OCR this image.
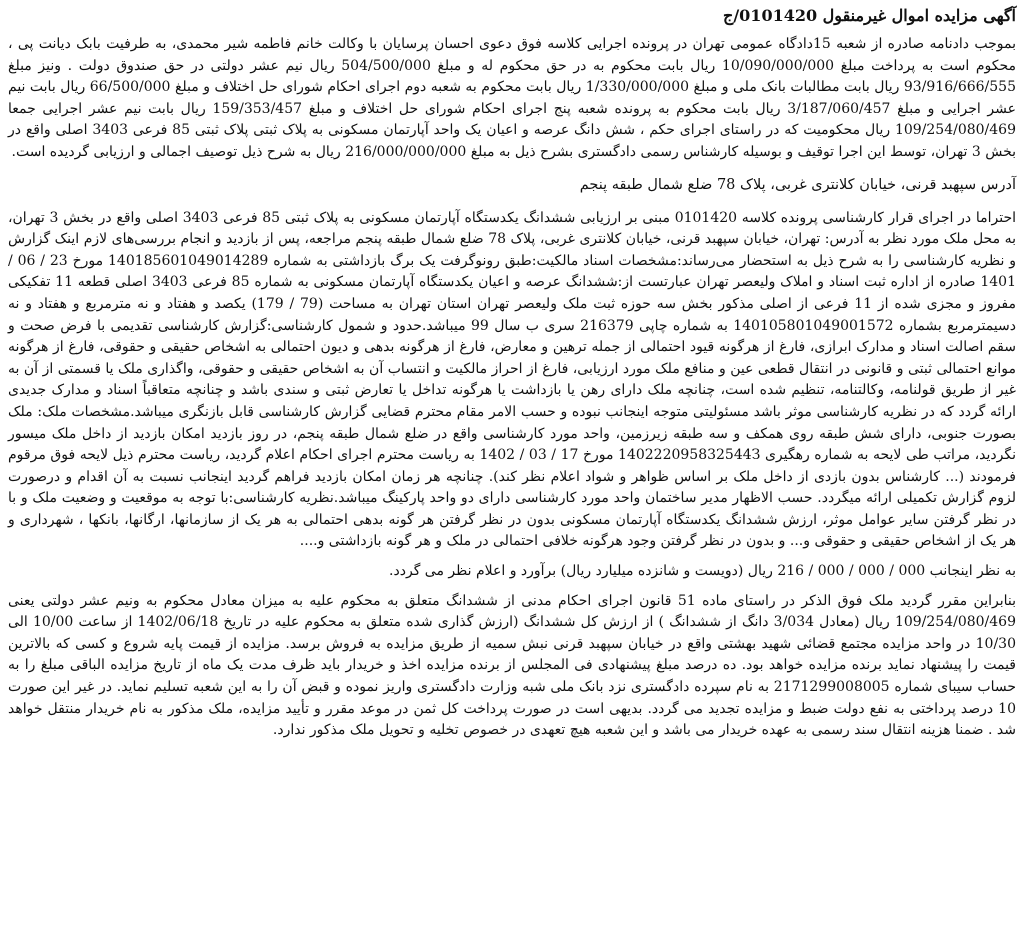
آگهی مزایده اموال غیرمنقول 0101420/ج

بموجب دادنامه صادره از شعبه 15دادگاه عمومی تهران در پرونده اجرایی کلاسه فوق دعوی احسان پرسایان با وکالت خانم فاطمه شیر محمدی، به طرفیت بابک دیانت پی ، محکوم است به پرداخت مبلغ 10/090/000/000 ریال بابت محکوم به در حق محکوم له و مبلغ 504/500/000 ریال نیم عشر دولتی در حق صندوق دولت . ونیز مبلغ 93/916/666/555 ریال بابت مطالبات بانک ملی و مبلغ 1/330/000/000 ریال بابت محکوم به شعبه دوم اجرای احکام شورای حل اختلاف و مبلغ 66/500/000 ریال بابت نیم عشر اجرایی و مبلغ 3/187/060/457 ریال بابت محکوم به پرونده شعبه پنج اجرای احکام شورای حل اختلاف و مبلغ 159/353/457 ریال بابت نیم عشر اجرایی جمعا 109/254/080/469 ریال محکومیت که در راستای اجرای حکم ، شش دانگ عرصه و اعیان یک واحد آپارتمان مسکونی به پلاک ثبتی پلاک ثبتی 85 فرعی 3403 اصلی واقع در بخش 3 تهران، توسط این اجرا توقیف و بوسیله کارشناس رسمی دادگستری بشرح ذیل به مبلغ 216/000/000/000 ریال به شرح ذیل توصیف اجمالی و ارزیابی گردیده است.

آدرس سپهبد قرنی، خیابان کلانتری غربی، پلاک 78 ضلع شمال طبقه پنجم

احتراما در اجرای قرار کارشناسی پرونده کلاسه 0101420 مبنی بر ارزیابی ششدانگ یکدستگاه آپارتمان مسکونی به پلاک ثبتی 85 فرعی 3403 اصلی واقع در بخش 3 تهران، به محل ملک مورد نظر به آدرس: تهران، خیابان سپهبد قرنی، خیابان کلانتری غربی، پلاک 78 ضلع شمال طبقه پنجم مراجعه، پس از بازدید و انجام بررسی‌های لازم اینک گزارش و نظریه کارشناسی را به شرح ذیل به استحضار می‌رساند:مشخصات اسناد مالکیت:طبق رونوگرفت یک برگ بازداشتی به شماره 140185601049014289 مورخ 23 / 06 / 1401 صادره از اداره ثبت اسناد و املاک ولیعصر تهران عبارتست از:ششدانگ عرصه و اعیان یکدستگاه آپارتمان مسکونی به شماره 85 فرعی 3403 اصلی قطعه 11 تفکیکی مفروز و مجزی شده از 11 فرعی از اصلی مذکور بخش سه حوزه ثبت ملک ولیعصر تهران استان تهران به مساحت (79 / 179) یکصد و هفتاد و نه مترمربع و هفتاد و نه دسیمترمربع بشماره 140105801049001572 به شماره چاپی 216379 سری ب سال 99 میباشد.حدود و شمول کارشناسی:گزارش کارشناسی تقدیمی با فرض صحت و سقم اصالت اسناد و مدارک ابرازی، فارغ از هرگونه قیود احتمالی از جمله ترهین و معارض، فارغ از هرگونه بدهی و دیون احتمالی به اشخاص حقیقی و حقوقی، فارغ از هرگونه موانع احتمالی ثبتی و قانونی در انتقال قطعی عین و منافع ملک مورد ارزیابی، فارغ از احراز مالکیت و انتساب آن به اشخاص حقیقی و حقوقی، واگذاری ملک یا قسمتی از آن به غیر از طریق قولنامه، وکالتنامه، تنظیم شده است، چنانچه ملک دارای رهن یا بازداشت یا هرگونه تداخل یا تعارض ثبتی و سندی باشد و چنانچه متعاقباً اسناد و مدارک جدیدی ارائه گردد که در نظریه کارشناسی موثر باشد مسئولیتی متوجه اینجانب نبوده و حسب الامر مقام محترم قضایی گزارش کارشناسی قابل بازنگری میباشد.مشخصات ملک: ملک بصورت جنوبی، دارای شش طبقه روی همکف و سه طبقه زیرزمین، واحد مورد کارشناسی واقع در ضلع شمال طبقه پنجم، در روز بازدید امکان بازدید از داخل ملک میسور نگردید، مراتب طی لایحه به شماره رهگیری 140222095832544З مورخ 17 / 03 / 1402 به ریاست محترم اجرای احکام اعلام گردید، ریاست محترم ذیل لایحه فوق مرقوم فرمودند (... کارشناس بدون بازدی از داخل ملک بر اساس ظواهر و شواد اعلام نظر کند). چنانچه هر زمان امکان بازدید فراهم گردید اینجانب نسبت به آن اقدام و درصورت لزوم گزارش تکمیلی ارائه میگردد. حسب الاظهار مدیر ساختمان واحد مورد کارشناسی دارای دو واحد پارکینگ میباشد.نظریه کارشناسی:با توجه به موقعیت و وضعیت ملک و با در نظر گرفتن سایر عوامل موثر، ارزش ششدانگ یکدستگاه آپارتمان مسکونی بدون در نظر گرفتن هر گونه بدهی احتمالی به هر یک از سازمانها، ارگانها، بانکها ، شهرداری و هر یک از اشخاص حقیقی و حقوقی و... و بدون در نظر گرفتن وجود هرگونه خلافی احتمالی در ملک و هر گونه بازداشتی و....

به نظر اینجانب 000 / 000 / 000 / 216 ریال (دویست و شانزده میلیارد ریال) برآورد و اعلام نظر می گردد.

بنابراین مقرر گردید ملک فوق الذکر در راستای ماده 51 قانون اجرای احکام مدنی از ششدانگ متعلق به محکوم علیه به میزان معادل محکوم به ونیم عشر دولتی یعنی 109/254/080/469 ریال (معادل 3/034 دانگ از ششدانگ ) از ارزش کل ششدانگ (ارزش گذاری شده متعلق به محکوم علیه در تاریخ 1402/06/18 از ساعت 10/00 الی 10/30 در واحد مزایده مجتمع قضائی شهید بهشتی واقع در خیابان سپهبد قرنی نبش سمیه از طریق مزایده به فروش برسد. مزایده از قیمت پایه شروع و کسی که بالاترین قیمت را پیشنهاد نماید برنده مزایده خواهد بود. ده درصد مبلغ پیشنهادی فی المجلس از برنده مزایده اخذ و خریدار باید ظرف مدت یک ماه از تاریخ مزایده الباقی مبلغ را به حساب سیبای شماره 2171299008005 به نام سپرده دادگستری نزد بانک ملی شبه وزارت دادگستری واریز نموده و قبض آن را به این شعبه تسلیم نماید. در غیر این صورت 10 درصد پرداختی به نفع دولت ضبط و مزایده تجدید می گردد. بدیهی است در صورت پرداخت کل ثمن در موعد مقرر و تأیید مزایده، ملک مذکور به نام خریدار منتقل خواهد شد . ضمنا هزینه انتقال سند رسمی به عهده خریدار می باشد و این شعبه هیچ تعهدی در خصوص تخلیه و تحویل ملک مذکور ندارد.
